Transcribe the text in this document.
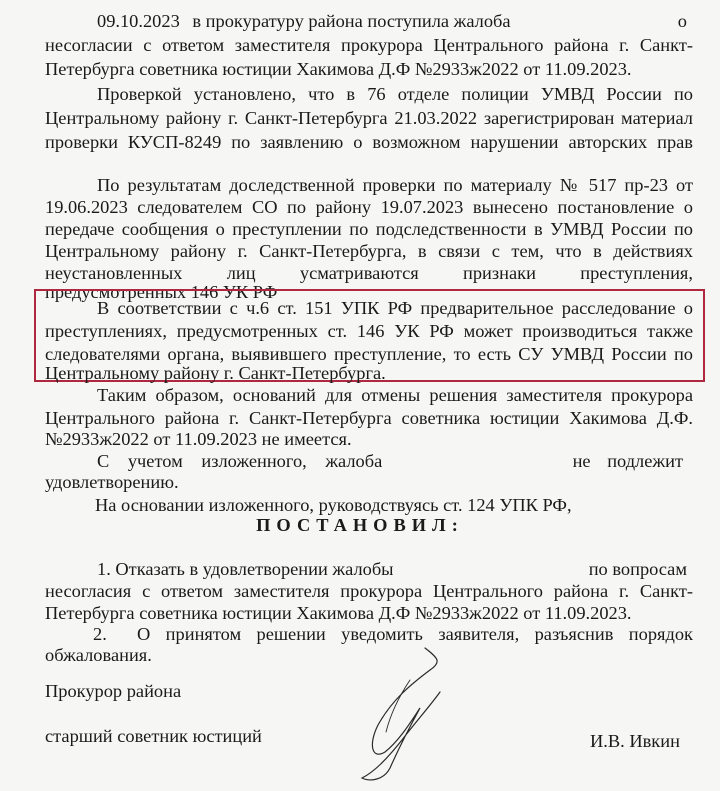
09.10.2023 в прокуратуру района поступила жалоба	о
несогласии с ответом заместителя прокурора Центрального района г. Санкт-
Петербурга советника юстиции Хакимова Д.Ф №2933ж2022 от 11.09.2023.
Проверкой установлено, что в 76 отделе полиции УМВД России по
Центральному району г. Санкт-Петербурга 21.03.2022 зарегистрирован материал
проверки КУСП-8249 по заявлению о возможном нарушении авторских прав
По результатам доследственной проверки по материалу № 517 пр-23 от
19.06.2023 следователем СО по району 19.07.2023 вынесено постановление о
передаче сообщения о преступлении по подследственности в УМВД России по
Центральному району г. Санкт-Петербурга, в связи с тем, что в действиях
неустановленных лиц усматриваются признаки преступления,
предусмотренных 146 УК РФ
В соответствии с ч.6 ст. 151 УПК РФ предварительное расследование о
преступлениях, предусмотренных ст. 146 УК РФ может производиться также
следователями органа, выявившего преступление, то есть СУ УМВД России по
Центральному району г. Санкт-Петербурга.
Таким образом, оснований для отмены решения заместителя прокурора
Центрального района г. Санкт-Петербурга советника юстиции Хакимова Д.Ф.
№2933ж2022 от 11.09.2023 не имеется.
С учетом изложенного, жалоба	не подлежит
удовлетворению.
На основании изложенного, руководствуясь ст. 124 УПК РФ,
ПОСТАНОВИЛ:
1. Отказать в удовлетворении жалобы	по вопросам
несогласия с ответом заместителя прокурора Центрального района г. Санкт-
Петербурга советника юстиции Хакимова Д.Ф №2933ж2022 от 11.09.2023.
2. О принятом решении уведомить заявителя, разъяснив порядок
обжалования.
Прокурор района
старший советник юстиций	И.В. Ивкин
